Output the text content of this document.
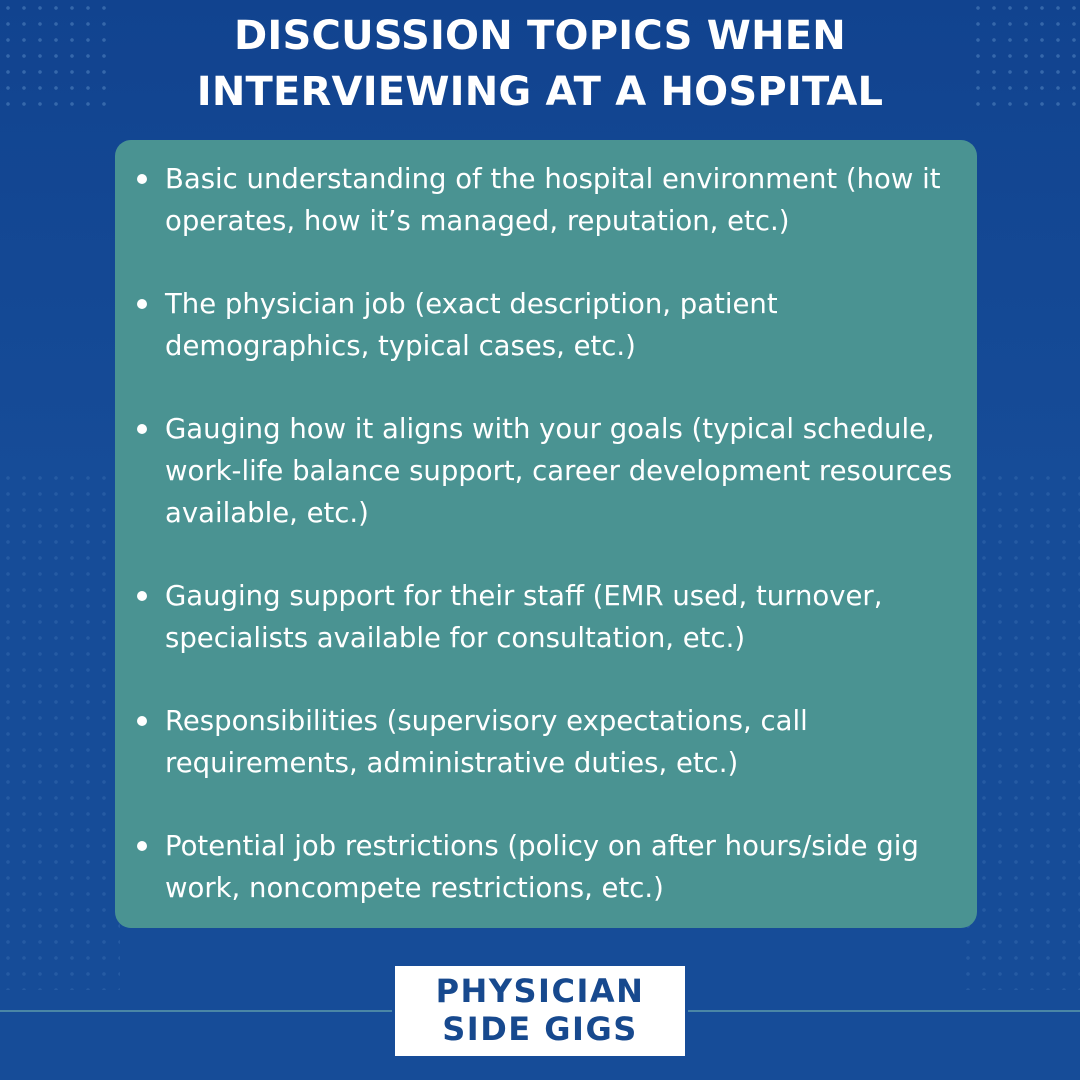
DISCUSSION TOPICS WHEN
INTERVIEWING AT A HOSPITAL
Basic understanding of the hospital environment (how it operates, how it’s managed, reputation, etc.)
The physician job (exact description, patient demographics, typical cases, etc.)
Gauging how it aligns with your goals (typical schedule, work-life balance support, career development resources available, etc.)
Gauging support for their staff (EMR used, turnover, specialists available for consultation, etc.)
Responsibilities (supervisory expectations, call requirements, administrative duties, etc.)
Potential job restrictions (policy on after hours/side gig work, noncompete restrictions, etc.)
PHYSICIAN
SIDE GIGS
